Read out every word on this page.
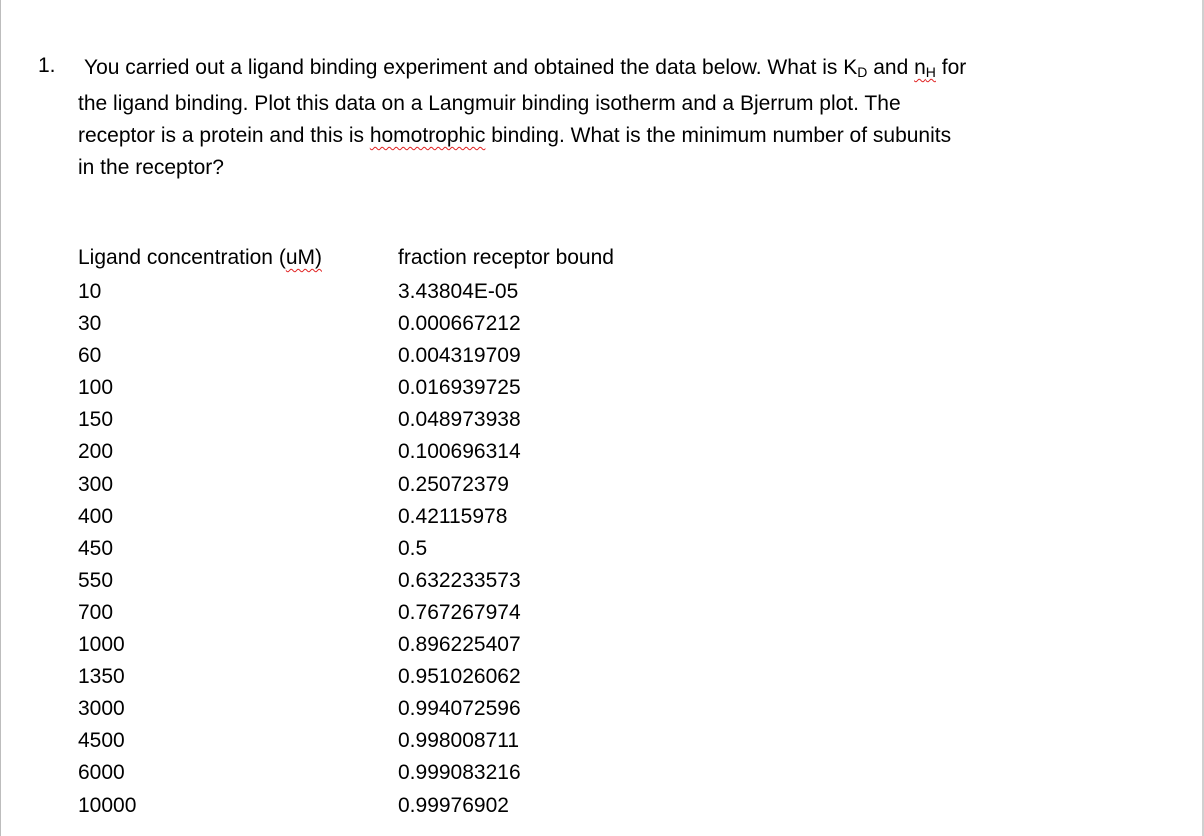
1. You carried out a ligand binding experiment and obtained the data below. What is $K_D$ and $n_H$ for
the ligand binding. Plot this data on a Langmuir binding isotherm and a Bjerrum plot. The
receptor is a protein and this is homotrophic binding. What is the minimum number of subunits
in the receptor?
Ligand concentration (uM)	fraction receptor bound
10	3.43804E-05
30	0.000667212
60	0.004319709
100	0.016939725
150	0.048973938
200	0.100696314
300	0.25072379
400	0.42115978
450	0.5
550	0.632233573
700	0.767267974
1000	0.896225407
1350	0.951026062
3000	0.994072596
4500	0.998008711
6000	0.999083216
10000	0.99976902
